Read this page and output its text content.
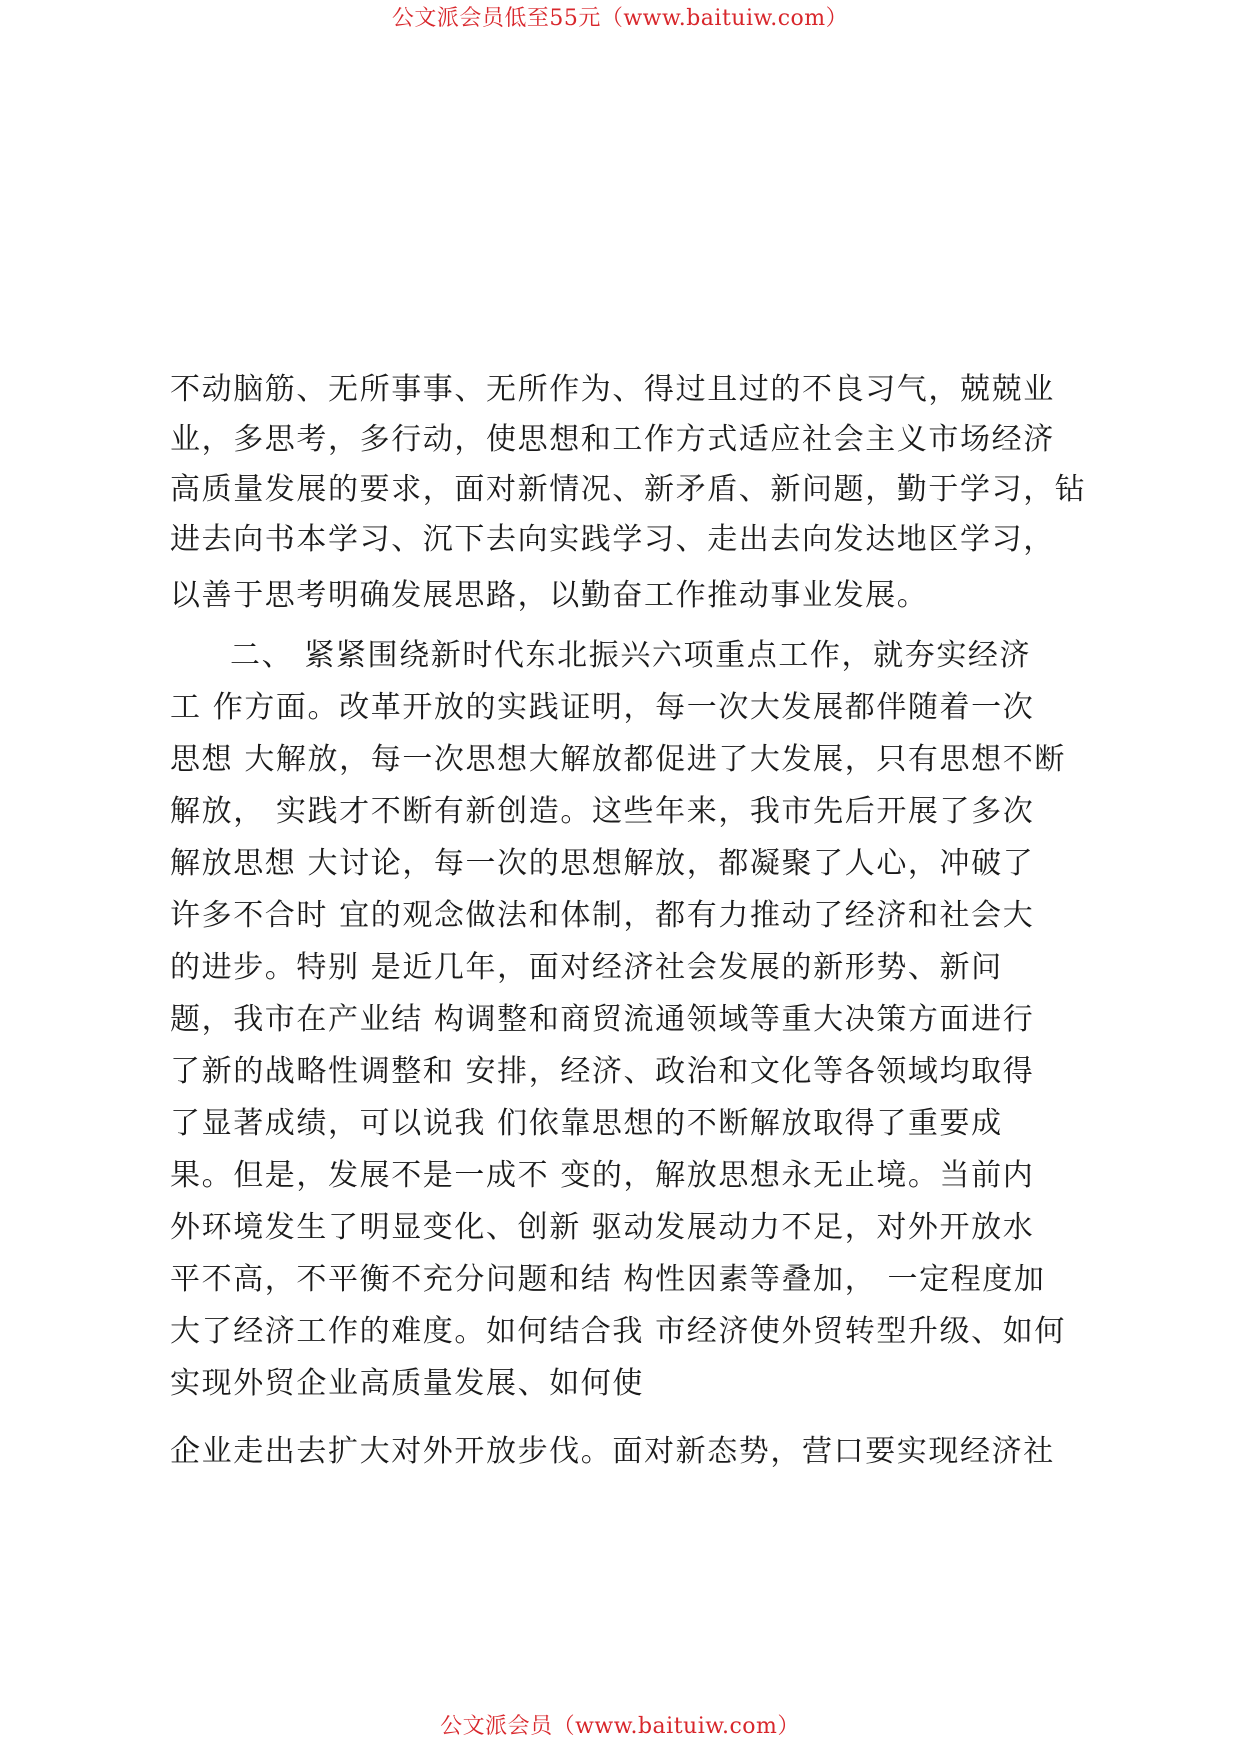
公文派会员低至55元（www.baituiw.com）
不动脑筋、无所事事、无所作为、得过且过的不良习气，兢兢业
业，多思考，多行动，使思想和工作方式适应社会主义市场经济
高质量发展的要求，面对新情况、新矛盾、新问题，勤于学习，钻
进去向书本学习、沉下去向实践学习、走出去向发达地区学习，
以善于思考明确发展思路，以勤奋工作推动事业发展。
二、 紧紧围绕新时代东北振兴六项重点工作，就夯实经济
工 作方面。改革开放的实践证明，每一次大发展都伴随着一次
思想 大解放，每一次思想大解放都促进了大发展，只有思想不断
解放， 实践才不断有新创造。这些年来，我市先后开展了多次
解放思想 大讨论，每一次的思想解放，都凝聚了人心，冲破了
许多不合时 宜的观念做法和体制，都有力推动了经济和社会大
的进步。特别 是近几年，面对经济社会发展的新形势、新问
题，我市在产业结 构调整和商贸流通领域等重大决策方面进行
了新的战略性调整和 安排，经济、政治和文化等各领域均取得
了显著成绩，可以说我 们依靠思想的不断解放取得了重要成
果。但是，发展不是一成不 变的，解放思想永无止境。当前内
外环境发生了明显变化、创新 驱动发展动力不足，对外开放水
平不高，不平衡不充分问题和结 构性因素等叠加， 一定程度加
大了经济工作的难度。如何结合我 市经济使外贸转型升级、如何
实现外贸企业高质量发展、如何使
企业走出去扩大对外开放步伐。面对新态势，营口要实现经济社
公文派会员（www.baituiw.com）
